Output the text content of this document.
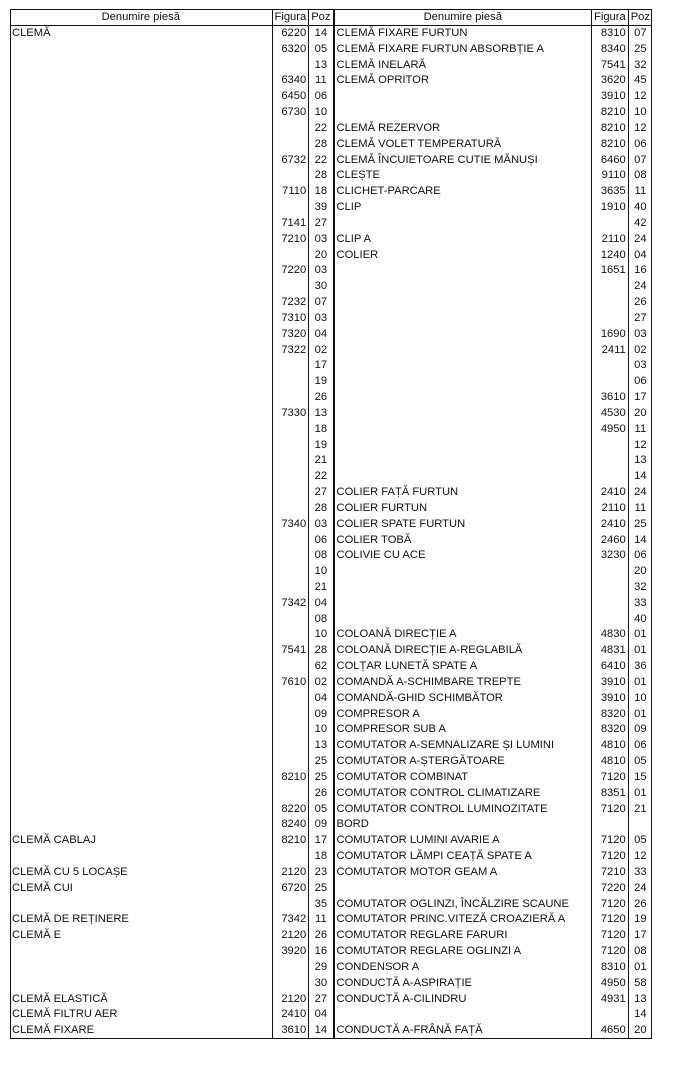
Denumire piesă	Figura	Poz	Denumire piesă	Figura	Poz
CLEMĂ	6220	14	CLEMĂ FIXARE FURTUN	8310	07
	6320	05	CLEMĂ FIXARE FURTUN ABSORBȚIE A	8340	25
		13	CLEMĂ INELARĂ	7541	32
	6340	11	CLEMĂ OPRITOR	3620	45
	6450	06		3910	12
	6730	10		8210	10
		22	CLEMĂ REZERVOR	8210	12
		28	CLEMĂ VOLET TEMPERATURĂ	8210	06
	6732	22	CLEMĂ ÎNCUIETOARE CUTIE MĂNUȘI	6460	07
		28	CLEȘTE	9110	08
	7110	18	CLICHET-PARCARE	3635	11
		39	CLIP	1910	40
	7141	27			42
	7210	03	CLIP A	2110	24
		20	COLIER	1240	04
	7220	03		1651	16
		30			24
	7232	07			26
	7310	03			27
	7320	04		1690	03
	7322	02		2411	02
		17			03
		19			06
		26		3610	17
	7330	13		4530	20
		18		4950	11
		19			12
		21			13
		22			14
		27	COLIER FAȚĂ FURTUN	2410	24
		28	COLIER FURTUN	2110	11
	7340	03	COLIER SPATE FURTUN	2410	25
		06	COLIER TOBĂ	2460	14
		08	COLIVIE CU ACE	3230	06
		10			20
		21			32
	7342	04			33
		08			40
		10	COLOANĂ DIRECȚIE A	4830	01
	7541	28	COLOANĂ DIRECȚIE A-REGLABILĂ	4831	01
		62	COLȚAR LUNETĂ SPATE A	6410	36
	7610	02	COMANDĂ A-SCHIMBARE TREPTE	3910	01
		04	COMANDĂ-GHID SCHIMBĂTOR	3910	10
		09	COMPRESOR A	8320	01
		10	COMPRESOR SUB A	8320	09
		13	COMUTATOR A-SEMNALIZARE ȘI LUMINI	4810	06
		25	COMUTATOR A-ȘTERGĂTOARE	4810	05
	8210	25	COMUTATOR COMBINAT	7120	15
		26	COMUTATOR CONTROL CLIMATIZARE	8351	01
	8220	05	COMUTATOR CONTROL LUMINOZITATE	7120	21
	8240	09	BORD		
CLEMĂ CABLAJ	8210	17	COMUTATOR LUMINI AVARIE A	7120	05
		18	COMUTATOR LĂMPI CEAȚĂ SPATE A	7120	12
CLEMĂ CU 5 LOCAȘE	2120	23	COMUTATOR MOTOR GEAM A	7210	33
CLEMĂ CUI	6720	25		7220	24
		35	COMUTATOR OGLINZI, ÎNCĂLZIRE SCAUNE	7120	26
CLEMĂ DE REȚINERE	7342	11	COMUTATOR PRINC.VITEZĂ CROAZIERĂ A	7120	19
CLEMĂ E	2120	26	COMUTATOR REGLARE FARURI	7120	17
	3920	16	COMUTATOR REGLARE OGLINZI A	7120	08
		29	CONDENSOR A	8310	01
		30	CONDUCTĂ A-ASPIRAȚIE	4950	58
CLEMĂ ELASTICĂ	2120	27	CONDUCTĂ A-CILINDRU	4931	13
CLEMĂ FILTRU AER	2410	04			14
CLEMĂ FIXARE	3610	14	CONDUCTĂ A-FRÂNĂ FAȚĂ	4650	20
